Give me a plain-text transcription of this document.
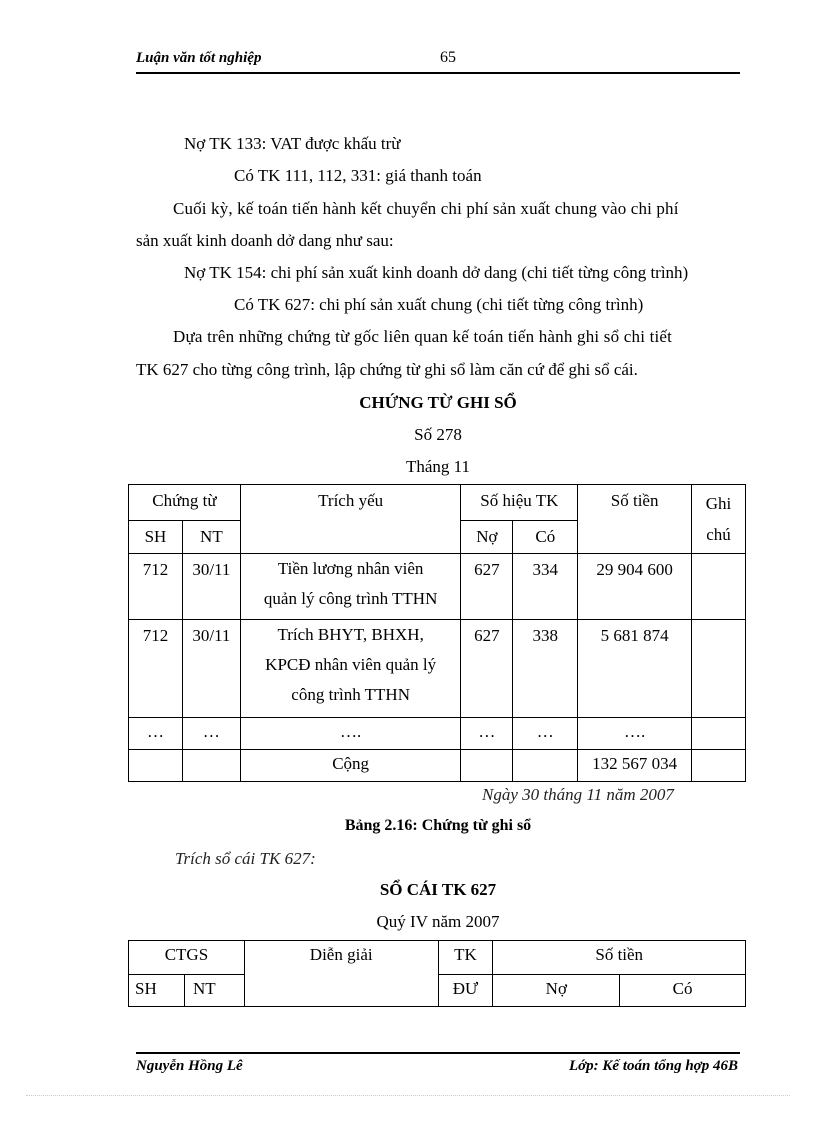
Luận văn tốt nghiệp	65
Nợ TK 133: VAT được khấu trừ
Có TK 111, 112, 331: giá thanh toán
Cuối kỳ, kế toán tiến hành kết chuyển chi phí sản xuất chung vào chi phí
sản xuất kinh doanh dở dang như sau:
Nợ TK 154: chi phí sản xuất kinh doanh dở dang (chi tiết từng công trình)
Có TK 627: chi phí sản xuất chung (chi tiết từng công trình)
Dựa trên những chứng từ gốc liên quan kế toán tiến hành ghi sổ chi tiết
TK 627 cho từng công trình, lập chứng từ ghi sổ làm căn cứ để ghi sổ cái.
CHỨNG TỪ GHI SỔ
Số 278
Tháng 11
Chứng từ		Trích yếu	Số hiệu TK		Số tiền	Ghi
chú

SH	NT		Nợ	Có		
712	30/11	Tiền lương nhân viên
quản lý công trình TTHN	627	334	29 904 600	
712	30/11	Trích BHYT, BHXH,
KPCĐ nhân viên quản lý
công trình TTHN	627	338	5 681 874	
…	…	….	…	…	….	
		Cộng			132 567 034	
Ngày 30 tháng 11 năm 2007
Bảng 2.16: Chứng từ ghi sổ
Trích sổ cái TK 627:
SỔ CÁI TK 627
Quý IV năm 2007
CTGS		Diễn giải	TK	Số tiền	
SH	NT		ĐƯ	Nợ	Có
Nguyễn Hồng Lê	Lớp: Kế toán tổng hợp 46B
